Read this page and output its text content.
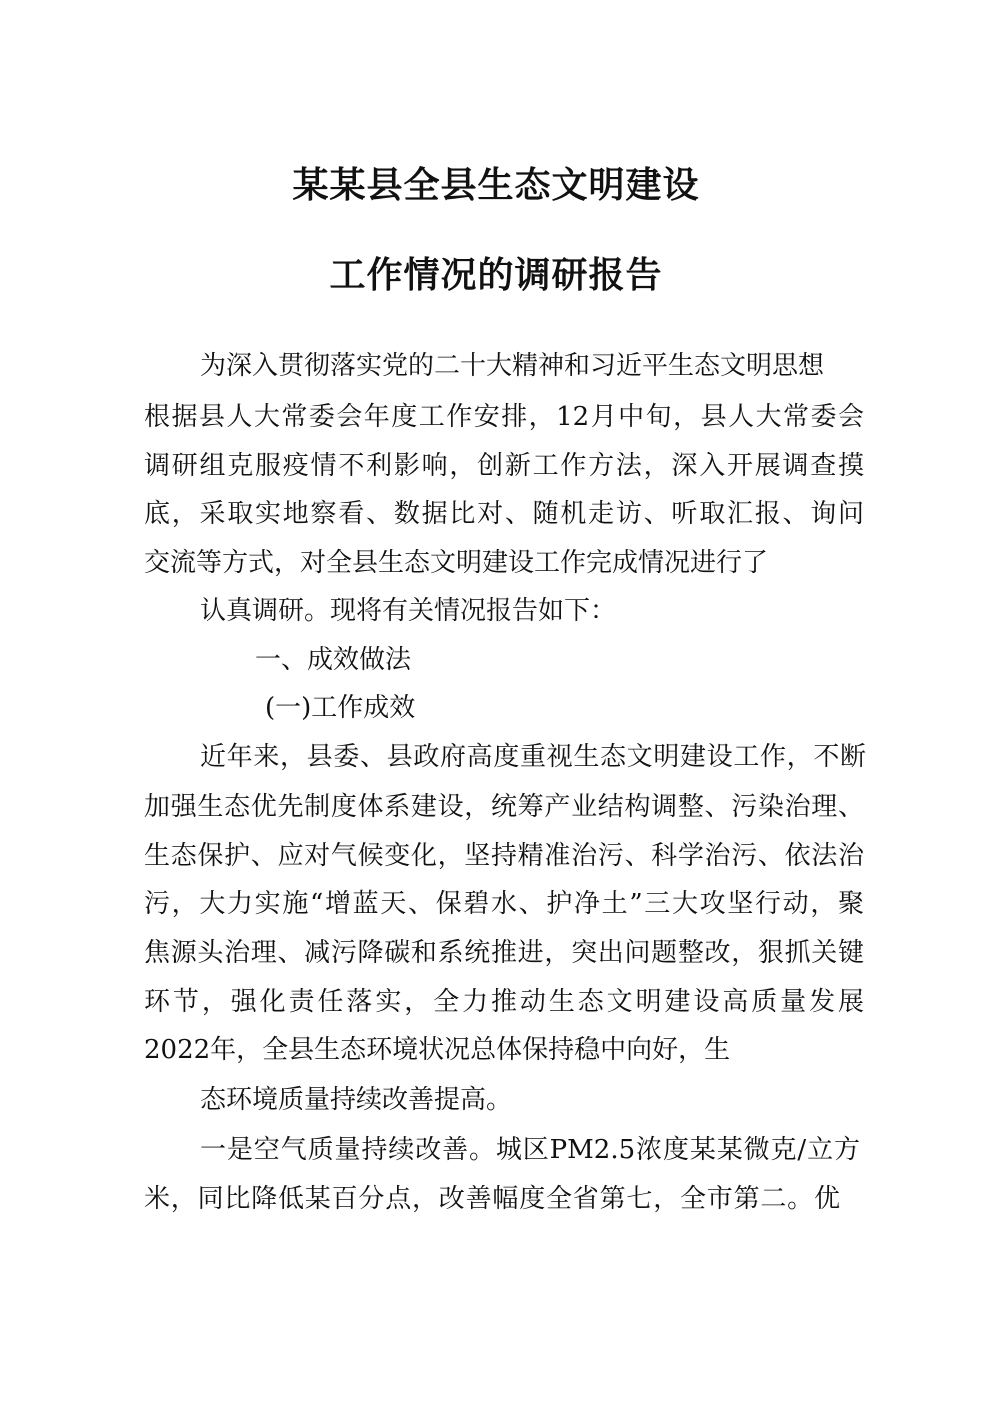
某某县全县生态文明建设
工作情况的调研报告
为深入贯彻落实党的二十大精神和习近平生态文明思想
根据县人大常委会年度工作安排，12月中旬，县人大常委会
调研组克服疫情不利影响，创新工作方法，深入开展调查摸
底，采取实地察看、数据比对、随机走访、听取汇报、询问
交流等方式，对全县生态文明建设工作完成情况进行了
认真调研。现将有关情况报告如下：
一、成效做法
(一)工作成效
近年来，县委、县政府高度重视生态文明建设工作，不断
加强生态优先制度体系建设，统筹产业结构调整、污染治理、
生态保护、应对气候变化，坚持精准治污、科学治污、依法治
污，大力实施“增蓝天、保碧水、护净土”三大攻坚行动，聚
焦源头治理、减污降碳和系统推进，突出问题整改，狠抓关键
环节，强化责任落实，全力推动生态文明建设高质量发展
2022年，全县生态环境状况总体保持稳中向好，生
态环境质量持续改善提高。
一是空气质量持续改善。城区PM2.5浓度某某微克/立方
米，同比降低某百分点，改善幅度全省第七，全市第二。优
